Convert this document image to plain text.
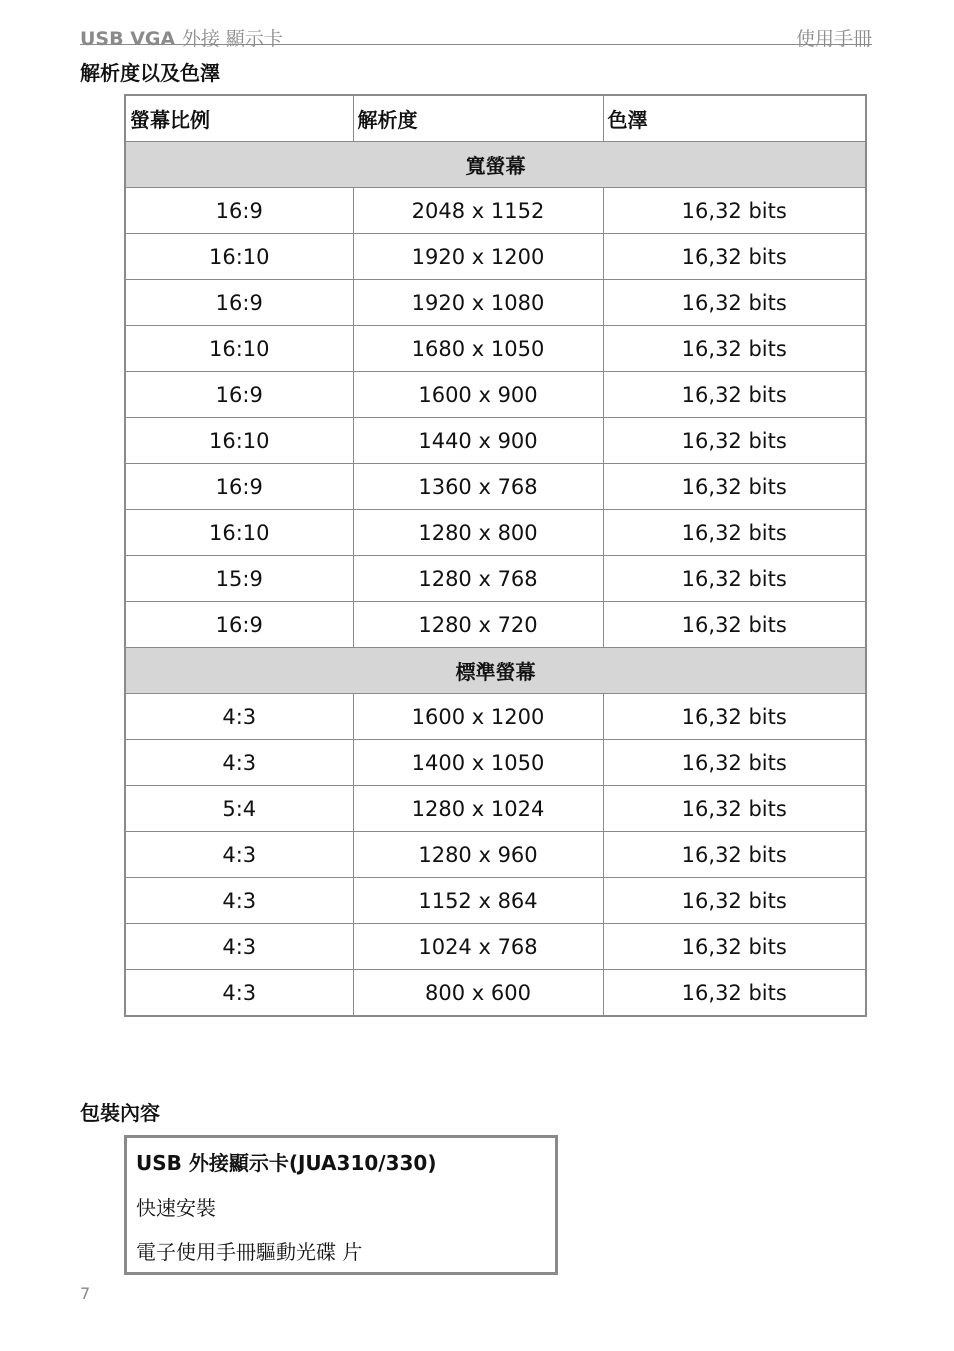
USB VGA 外接 顯示卡	使用手冊
解析度以及色澤
螢幕比例	解析度	色澤
寬螢幕		
16:9	2048 x 1152	16,32 bits
16:10	1920 x 1200	16,32 bits
16:9	1920 x 1080	16,32 bits
16:10	1680 x 1050	16,32 bits
16:9	1600 x 900	16,32 bits
16:10	1440 x 900	16,32 bits
16:9	1360 x 768	16,32 bits
16:10	1280 x 800	16,32 bits
15:9	1280 x 768	16,32 bits
16:9	1280 x 720	16,32 bits
標準螢幕		
4:3	1600 x 1200	16,32 bits
4:3	1400 x 1050	16,32 bits
5:4	1280 x 1024	16,32 bits
4:3	1280 x 960	16,32 bits
4:3	1152 x 864	16,32 bits
4:3	1024 x 768	16,32 bits
4:3	800 x 600	16,32 bits
包裝內容
USB 外接顯示卡(JUA310/330)
快速安裝
電子使用手冊驅動光碟 片
7
